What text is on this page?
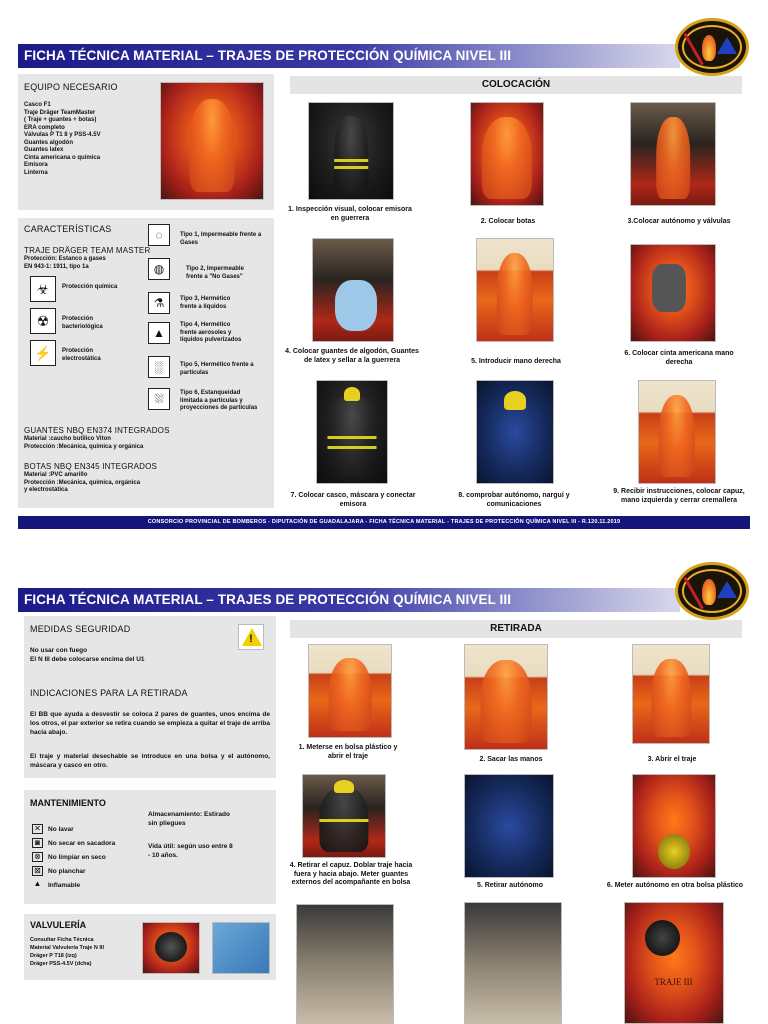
FICHA TÉCNICA MATERIAL – TRAJES DE PROTECCIÓN QUÍMICA NIVEL III
EQUIPO NECESARIO
Casco F1
Traje Dräger TeamMaster
( Traje + guantes + botas)
ERA completo
Válvulas P T1 8 y PSS-4.5V
Guantes algodón
Guantes latex
Cinta americana o química
Emisora
Linterna
CARACTERÍSTICAS
TRAJE DRÄGER TEAM MASTER
Protección: Estanco a gases
EN 943-1: 1911, tipo 1a
☣	Protección química
☢	Protección
bacteriológica
⚡	Protección
electrostática
◌	Tipo 1, Impermeable frente a
Gases
◍	Tipo 2, Impermeable
frente a "No Gases"
⚗	Tipo 3, Hermético
frente a líquidos
▲
Tipo 4, Hermético
frente aerosoles y
líquidos pulverizados
░	Tipo 5, Hermético frente a
partículas
⛆	Tipo 6, Estanqueidad
limitada a partículas y
proyecciones de partículas
GUANTES NBQ EN374 INTEGRADOS
Material :caucho butilico Viton
Protección :Mecánica, química y orgánica
BOTAS NBQ EN345 INTEGRADOS
Material :PVC amarillo
Protección :Mecánica, química, orgánica
y electrostática
COLOCACIÓN
1. Inspección visual, colocar emisora en guerrera	2. Colocar botas	3.Colocar autónomo y válvulas
4. Colocar guantes de algodón, Guantes de latex y sellar a la guerrera	5. Introducir mano derecha
6. Colocar cinta americana mano derecha
7. Colocar casco, máscara y conectar emisora
8. comprobar autónomo, narguí y comunicaciones
9. Recibir instrucciones, colocar capuz, mano izquierda y cerrar cremallera
CONSORCIO PROVINCIAL DE BOMBEROS - DIPUTACIÓN DE GUADALAJARA - FICHA TÉCNICA MATERIAL - TRAJES DE PROTECCIÓN QUÍMICA NIVEL III - R.120.11.2019
FICHA TÉCNICA MATERIAL – TRAJES DE PROTECCIÓN QUÍMICA NIVEL III
MEDIDAS SEGURIDAD
!
No usar con fuego
El N III debe colocarse encima del U1
INDICACIONES PARA LA RETIRADA
El BB que ayuda a desvestir se coloca 2 pares de guantes, unos encima de los otros, el par exterior se retira cuando se empieza a quitar el traje de arriba hacia abajo.
El traje y material desechable se introduce en una bolsa y el autónomo, máscara y casco en otro.
MANTENIMIENTO
✕	No lavar
◙	No secar en sacadora
⊗	No limpiar en seco
⊠	No planchar
▲ Inflamable
Almacenamiento: Estirado
sin pliegues
Vida útil: según uso entre 8
- 10 años.
VALVULERÍA
Consultar Ficha Técnica
Material Valvulería Traje N III
Dräger P T18 (izq)
Dräger PSS-4.5V (dcha)
RETIRADA
1. Meterse en bolsa plástico y abrir el traje	2. Sacar las manos	3. Abrir el traje
4. Retirar el capuz. Doblar traje hacia fuera y hacia abajo. Meter guantes externos del acompañante en bolsa	5. Retirar autónomo	6. Meter autónomo en otra bolsa plástico
TRAJE III
